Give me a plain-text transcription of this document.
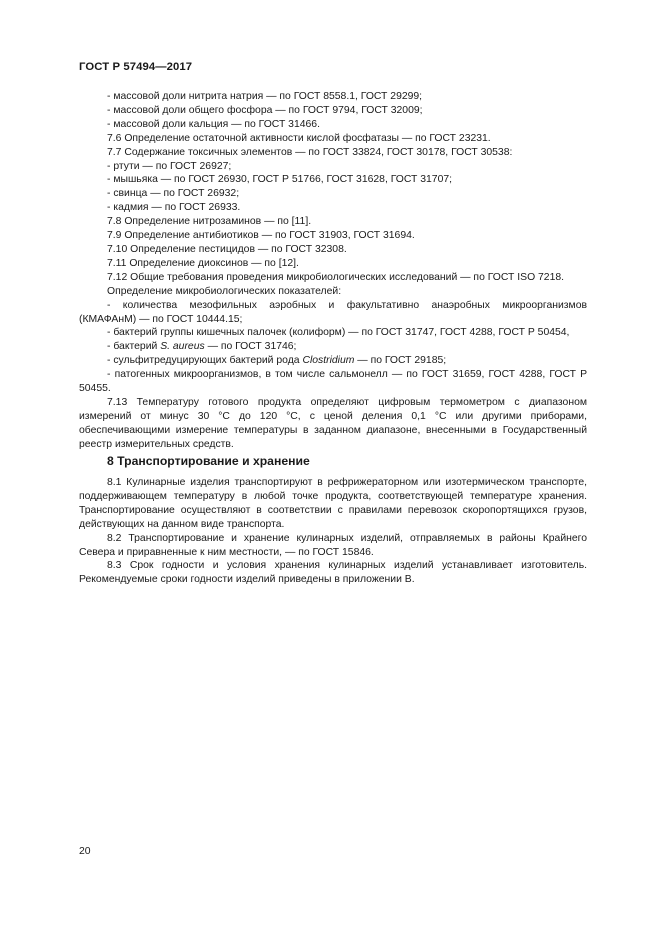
ГОСТ Р 57494—2017

- массовой доли нитрита натрия — по ГОСТ 8558.1, ГОСТ 29299;

- массовой доли общего фосфора — по ГОСТ 9794, ГОСТ 32009;

- массовой доли кальция — по ГОСТ 31466.

7.6 Определение остаточной активности кислой фосфатазы — по ГОСТ 23231.

7.7 Содержание токсичных элементов — по ГОСТ 33824, ГОСТ 30178, ГОСТ 30538:

- ртути — по ГОСТ 26927;

- мышьяка — по ГОСТ 26930, ГОСТ Р 51766, ГОСТ 31628, ГОСТ 31707;

- свинца — по ГОСТ 26932;

- кадмия — по ГОСТ 26933.

7.8 Определение нитрозаминов — по [11].

7.9 Определение антибиотиков — по ГОСТ 31903, ГОСТ 31694.

7.10 Определение пестицидов — по ГОСТ 32308.

7.11 Определение диоксинов — по [12].

7.12 Общие требования проведения микробиологических исследований — по ГОСТ ISO 7218.

Определение микробиологических показателей:

- количества мезофильных аэробных и факультативно анаэробных микроорганизмов

(КМАФАнМ) — по ГОСТ 10444.15;

- бактерий группы кишечных палочек (колиформ) — по ГОСТ 31747, ГОСТ 4288, ГОСТ Р 50454,

- бактерий S. aureus — по ГОСТ 31746;

- сульфитредуцирующих бактерий рода Clostridium — по ГОСТ 29185;

- патогенных микроорганизмов, в том числе сальмонелл — по ГОСТ 31659, ГОСТ 4288, ГОСТ Р

50455.

7.13 Температуру готового продукта определяют цифровым термометром с диапазоном измерений от минус 30 °С до 120 °С, с ценой деления 0,1 °С или другими приборами, обеспечивающими измерение температуры в заданном диапазоне, внесенными в Государственный реестр измерительных средств.

8 Транспортирование и хранение

8.1 Кулинарные изделия транспортируют в рефрижераторном или изотермическом транспорте, поддерживающем температуру в любой точке продукта, соответствующей температуре хранения. Транспортирование осуществляют в соответствии с правилами перевозок скоропортящихся грузов, действующих на данном виде транспорта.

8.2 Транспортирование и хранение кулинарных изделий, отправляемых в районы Крайнего Севера и приравненные к ним местности, — по ГОСТ 15846.

8.3 Срок годности и условия хранения кулинарных изделий устанавливает изготовитель. Рекомендуемые сроки годности изделий приведены в приложении В.

20
